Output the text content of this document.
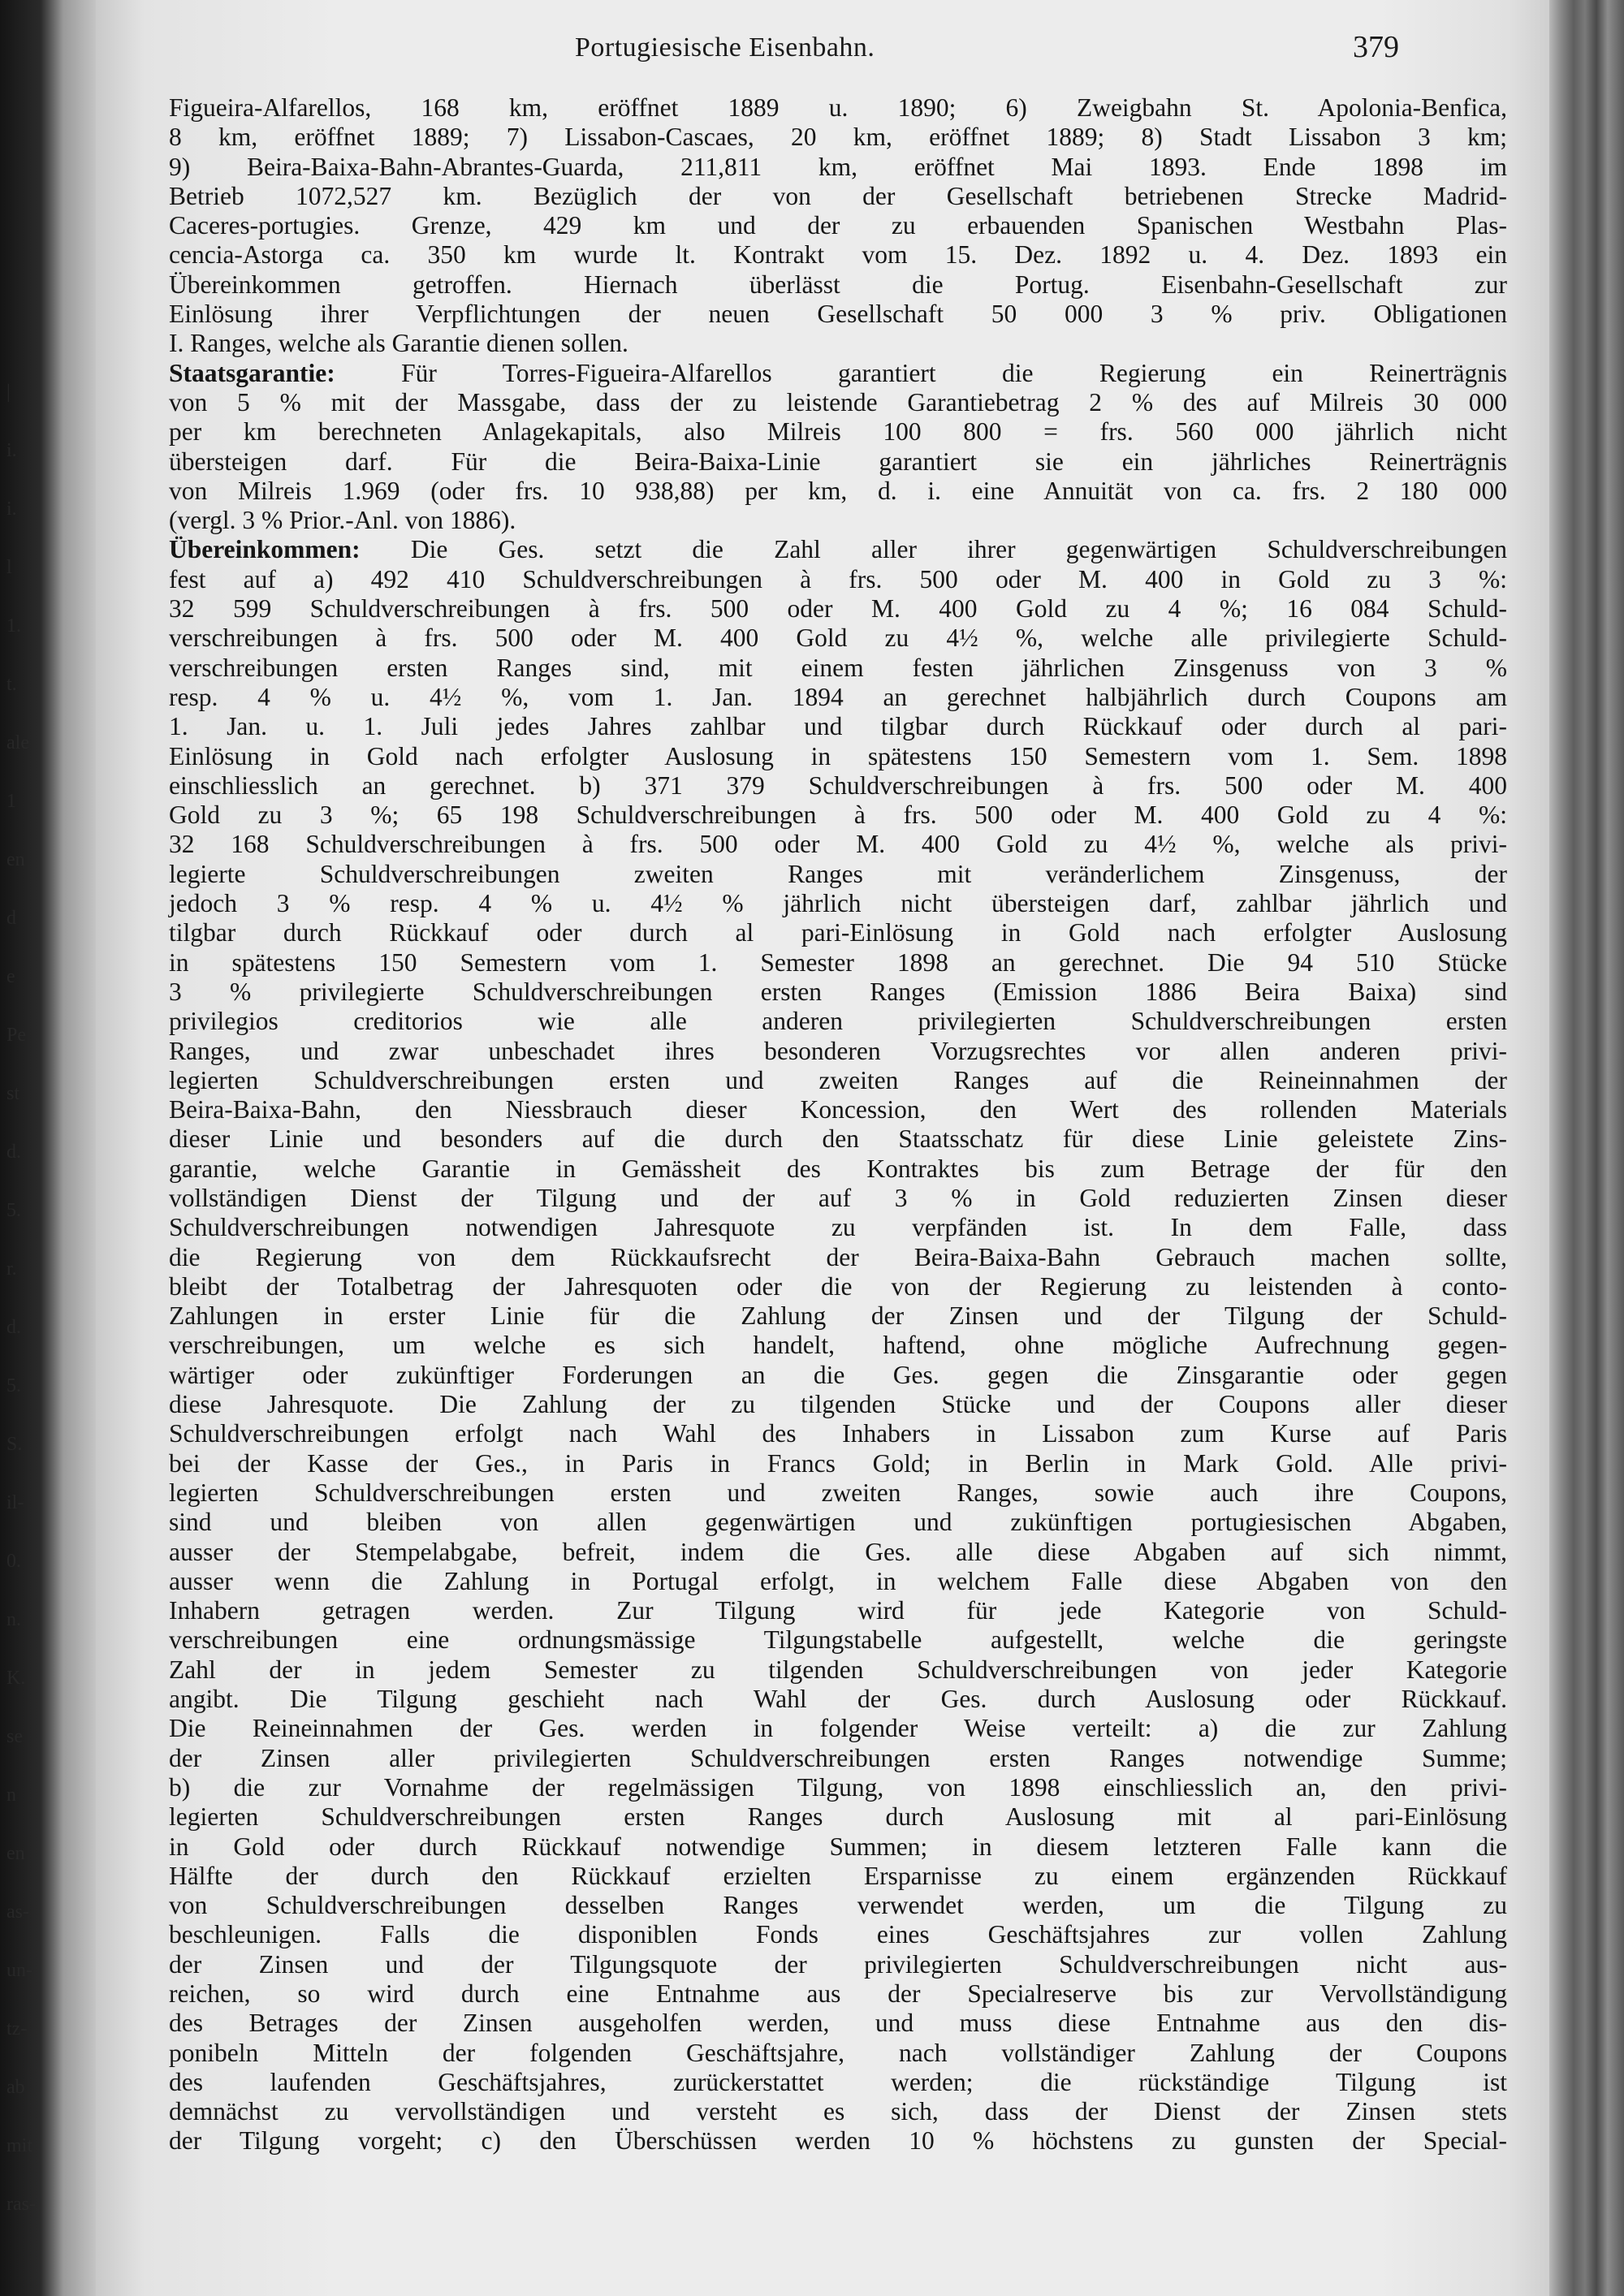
|
i.
i.
l
1.
t.
ale
1
en
d
e
Pe
st
d.
5.
r.
d.
5.
S.
il-
0.
n.
K.
se
n
en
as-
un-
tz-
ab
mit
ras-
Portugiesische Eisenbahn.	379
Figueira-Alfarellos, 168 km, eröffnet 1889 u. 1890; 6) Zweigbahn St. Apolonia-Benfica,
8 km, eröffnet 1889; 7) Lissabon-Cascaes, 20 km, eröffnet 1889; 8) Stadt Lissabon 3 km;
9) Beira-Baixa-Bahn-Abrantes-Guarda, 211,811 km, eröffnet Mai 1893. Ende 1898 im
Betrieb 1072,527 km. Bezüglich der von der Gesellschaft betriebenen Strecke Madrid-
Caceres-portugies. Grenze, 429 km und der zu erbauenden Spanischen Westbahn Plas-
cencia-Astorga ca. 350 km wurde lt. Kontrakt vom 15. Dez. 1892 u. 4. Dez. 1893 ein
Übereinkommen getroffen. Hiernach überlässt die Portug. Eisenbahn-Gesellschaft zur
Einlösung ihrer Verpflichtungen der neuen Gesellschaft 50 000 3 % priv. Obligationen
I. Ranges, welche als Garantie dienen sollen.
Staatsgarantie: Für Torres-Figueira-Alfarellos garantiert die Regierung ein Reinerträgnis
von 5 % mit der Massgabe, dass der zu leistende Garantiebetrag 2 % des auf Milreis 30 000
per km berechneten Anlagekapitals, also Milreis 100 800 = frs. 560 000 jährlich nicht
übersteigen darf. Für die Beira-Baixa-Linie garantiert sie ein jährliches Reinerträgnis
von Milreis 1.969 (oder frs. 10 938,88) per km, d. i. eine Annuität von ca. frs. 2 180 000
(vergl. 3 % Prior.-Anl. von 1886).
Übereinkommen: Die Ges. setzt die Zahl aller ihrer gegenwärtigen Schuldverschreibungen
fest auf a) 492 410 Schuldverschreibungen à frs. 500 oder M. 400 in Gold zu 3 %:
32 599 Schuldverschreibungen à frs. 500 oder M. 400 Gold zu 4 %; 16 084 Schuld-
verschreibungen à frs. 500 oder M. 400 Gold zu 4½ %, welche alle privilegierte Schuld-
verschreibungen ersten Ranges sind, mit einem festen jährlichen Zinsgenuss von 3 %
resp. 4 % u. 4½ %, vom 1. Jan. 1894 an gerechnet halbjährlich durch Coupons am
1. Jan. u. 1. Juli jedes Jahres zahlbar und tilgbar durch Rückkauf oder durch al pari-
Einlösung in Gold nach erfolgter Auslosung in spätestens 150 Semestern vom 1. Sem. 1898
einschliesslich an gerechnet. b) 371 379 Schuldverschreibungen à frs. 500 oder M. 400
Gold zu 3 %; 65 198 Schuldverschreibungen à frs. 500 oder M. 400 Gold zu 4 %:
32 168 Schuldverschreibungen à frs. 500 oder M. 400 Gold zu 4½ %, welche als privi-
legierte Schuldverschreibungen zweiten Ranges mit veränderlichem Zinsgenuss, der
jedoch 3 % resp. 4 % u. 4½ % jährlich nicht übersteigen darf, zahlbar jährlich und
tilgbar durch Rückkauf oder durch al pari-Einlösung in Gold nach erfolgter Auslosung
in spätestens 150 Semestern vom 1. Semester 1898 an gerechnet. Die 94 510 Stücke
3 % privilegierte Schuldverschreibungen ersten Ranges (Emission 1886 Beira Baixa) sind
privilegios creditorios wie alle anderen privilegierten Schuldverschreibungen ersten
Ranges, und zwar unbeschadet ihres besonderen Vorzugsrechtes vor allen anderen privi-
legierten Schuldverschreibungen ersten und zweiten Ranges auf die Reineinnahmen der
Beira-Baixa-Bahn, den Niessbrauch dieser Koncession, den Wert des rollenden Materials
dieser Linie und besonders auf die durch den Staatsschatz für diese Linie geleistete Zins-
garantie, welche Garantie in Gemässheit des Kontraktes bis zum Betrage der für den
vollständigen Dienst der Tilgung und der auf 3 % in Gold reduzierten Zinsen dieser
Schuldverschreibungen notwendigen Jahresquote zu verpfänden ist. In dem Falle, dass
die Regierung von dem Rückkaufsrecht der Beira-Baixa-Bahn Gebrauch machen sollte,
bleibt der Totalbetrag der Jahresquoten oder die von der Regierung zu leistenden à conto-
Zahlungen in erster Linie für die Zahlung der Zinsen und der Tilgung der Schuld-
verschreibungen, um welche es sich handelt, haftend, ohne mögliche Aufrechnung gegen-
wärtiger oder zukünftiger Forderungen an die Ges. gegen die Zinsgarantie oder gegen
diese Jahresquote. Die Zahlung der zu tilgenden Stücke und der Coupons aller dieser
Schuldverschreibungen erfolgt nach Wahl des Inhabers in Lissabon zum Kurse auf Paris
bei der Kasse der Ges., in Paris in Francs Gold; in Berlin in Mark Gold. Alle privi-
legierten Schuldverschreibungen ersten und zweiten Ranges, sowie auch ihre Coupons,
sind und bleiben von allen gegenwärtigen und zukünftigen portugiesischen Abgaben,
ausser der Stempelabgabe, befreit, indem die Ges. alle diese Abgaben auf sich nimmt,
ausser wenn die Zahlung in Portugal erfolgt, in welchem Falle diese Abgaben von den
Inhabern getragen werden. Zur Tilgung wird für jede Kategorie von Schuld-
verschreibungen eine ordnungsmässige Tilgungstabelle aufgestellt, welche die geringste
Zahl der in jedem Semester zu tilgenden Schuldverschreibungen von jeder Kategorie
angibt. Die Tilgung geschieht nach Wahl der Ges. durch Auslosung oder Rückkauf.
Die Reineinnahmen der Ges. werden in folgender Weise verteilt: a) die zur Zahlung
der Zinsen aller privilegierten Schuldverschreibungen ersten Ranges notwendige Summe;
b) die zur Vornahme der regelmässigen Tilgung, von 1898 einschliesslich an, den privi-
legierten Schuldverschreibungen ersten Ranges durch Auslosung mit al pari-Einlösung
in Gold oder durch Rückkauf notwendige Summen; in diesem letzteren Falle kann die
Hälfte der durch den Rückkauf erzielten Ersparnisse zu einem ergänzenden Rückkauf
von Schuldverschreibungen desselben Ranges verwendet werden, um die Tilgung zu
beschleunigen. Falls die disponiblen Fonds eines Geschäftsjahres zur vollen Zahlung
der Zinsen und der Tilgungsquote der privilegierten Schuldverschreibungen nicht aus-
reichen, so wird durch eine Entnahme aus der Specialreserve bis zur Vervollständigung
des Betrages der Zinsen ausgeholfen werden, und muss diese Entnahme aus den dis-
ponibeln Mitteln der folgenden Geschäftsjahre, nach vollständiger Zahlung der Coupons
des laufenden Geschäftsjahres, zurückerstattet werden; die rückständige Tilgung ist
demnächst zu vervollständigen und versteht es sich, dass der Dienst der Zinsen stets
der Tilgung vorgeht; c) den Überschüssen werden 10 % höchstens zu gunsten der Special-
